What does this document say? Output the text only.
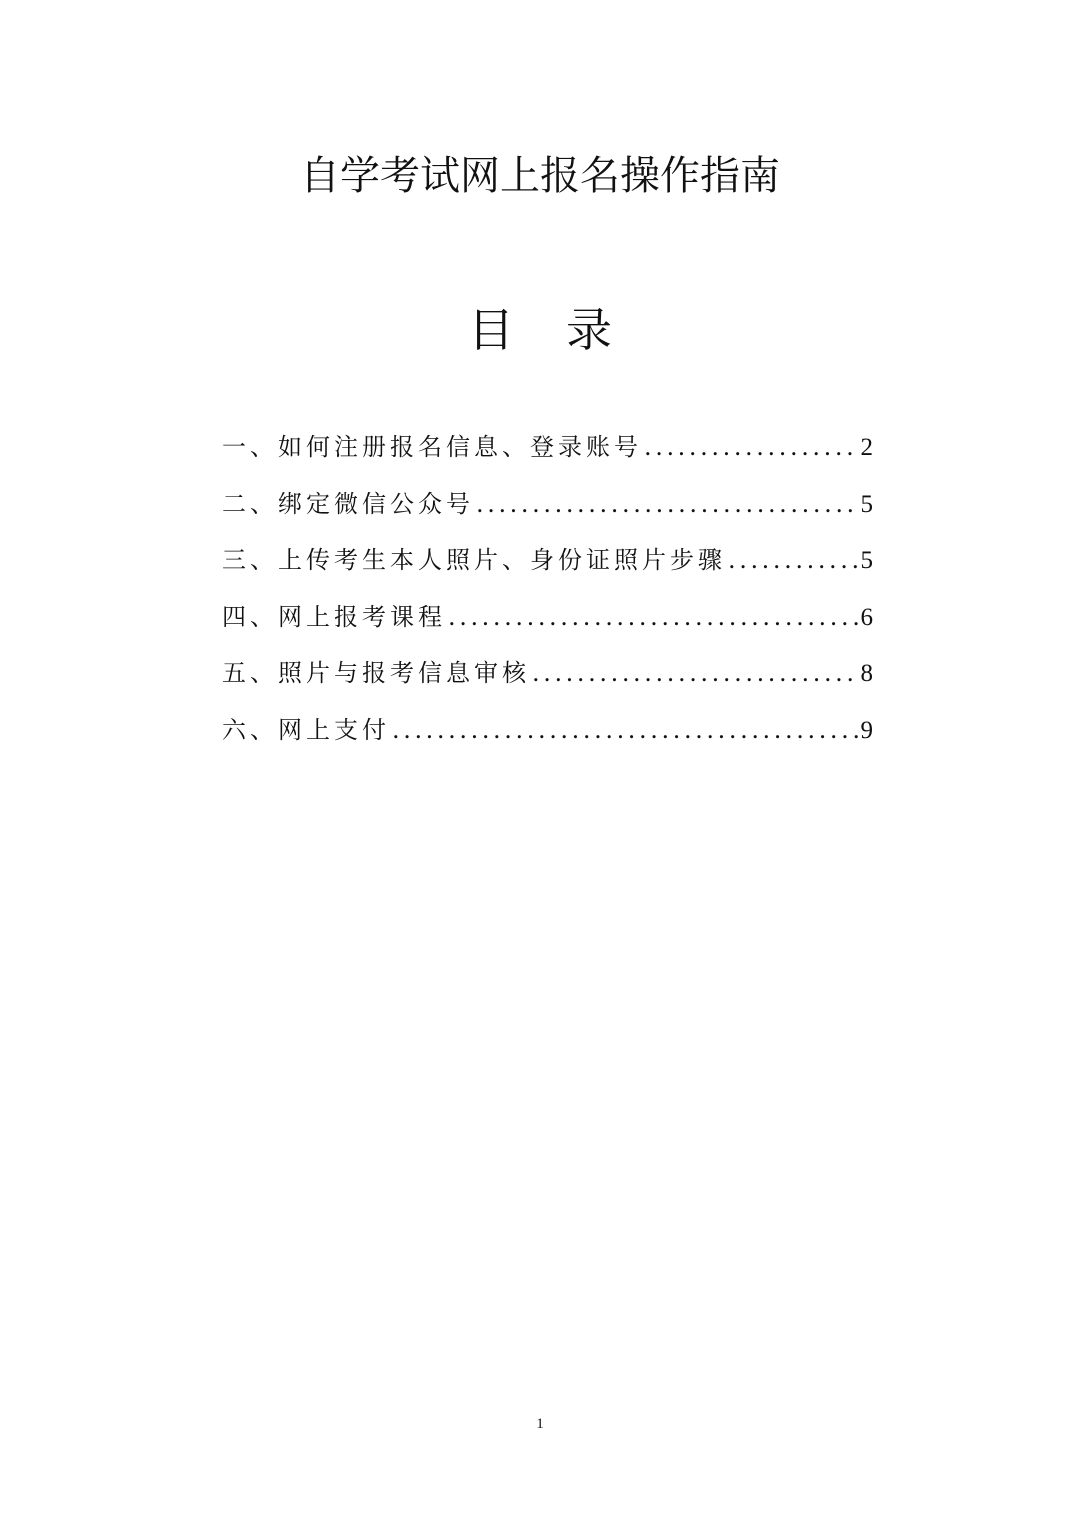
自学考试网上报名操作指南
目 录
一、如何注册报名信息、登录账号 .....	2
二、绑定微信公众号 .....	5
三、上传考生本人照片、身份证照片步骤 .....	5
四、网上报考课程 .....	6
五、照片与报考信息审核 .....	8
六、网上支付 .....	9
1
